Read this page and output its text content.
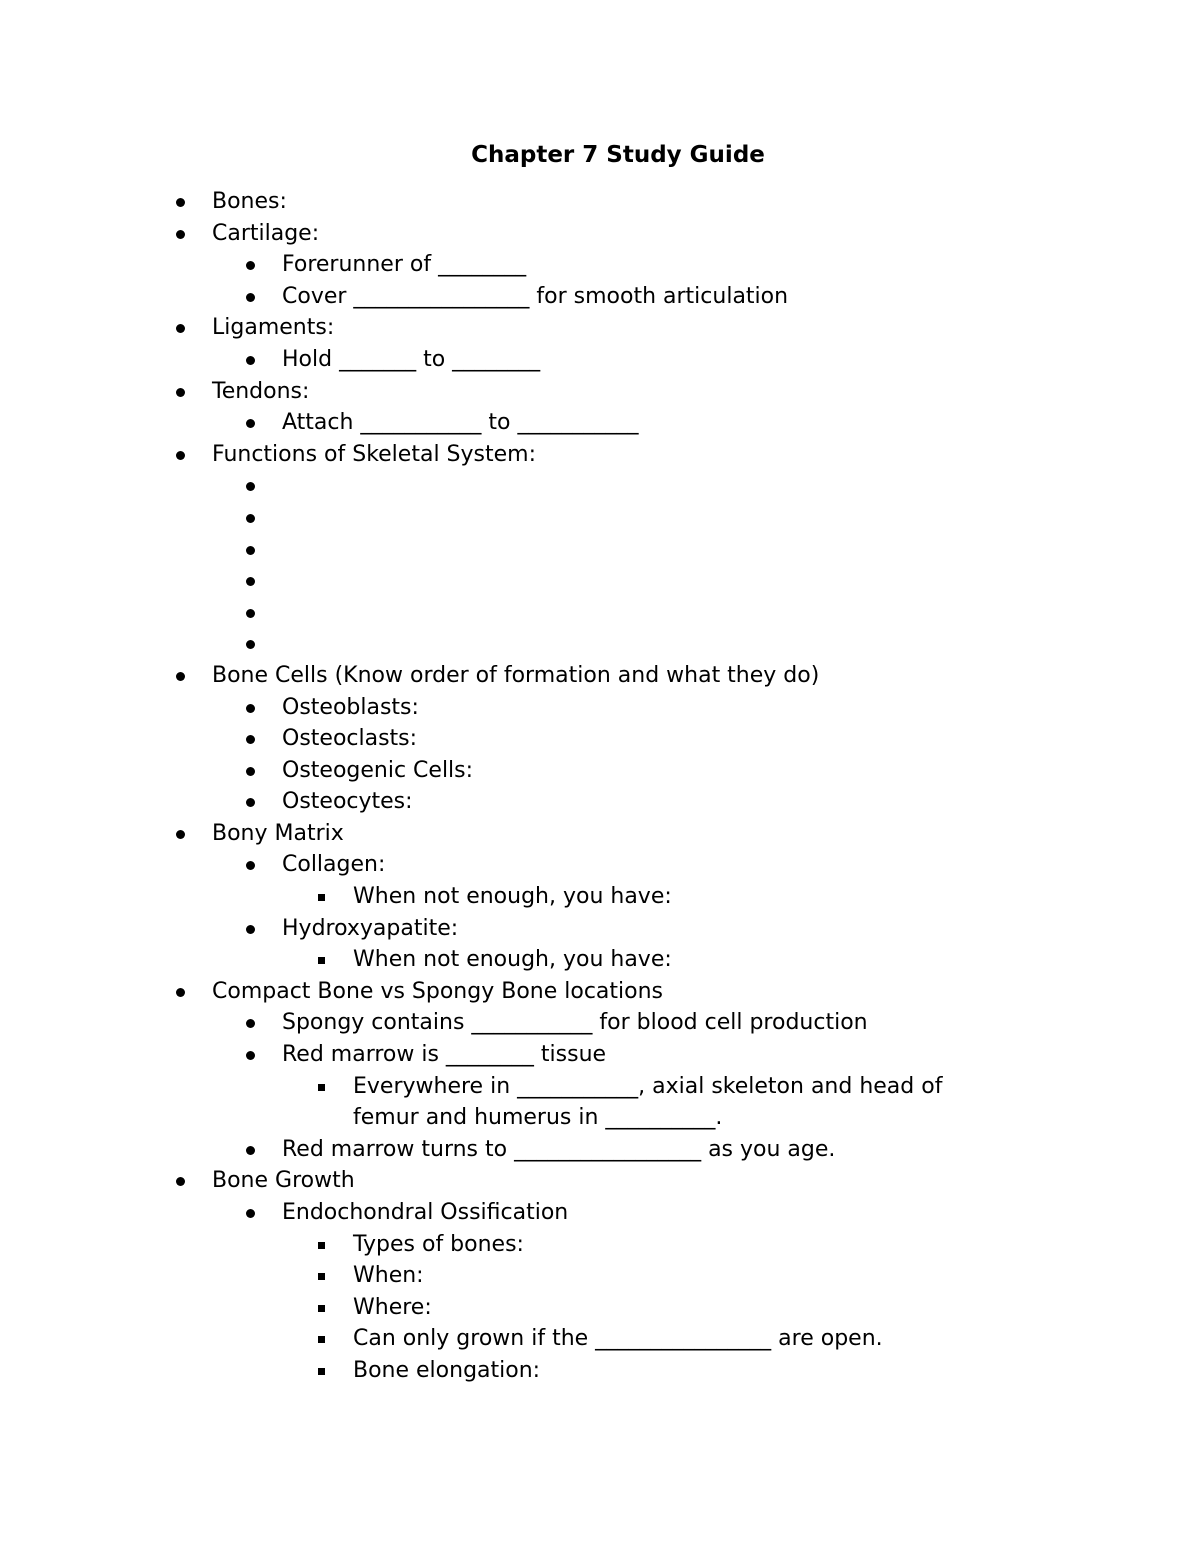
Chapter 7 Study Guide
Bones:
Cartilage:
Forerunner of ________
Cover ________________ for smooth articulation
Ligaments:
Hold _______ to ________
Tendons:
Attach ___________ to ___________
Functions of Skeletal System:
Bone Cells (Know order of formation and what they do)
Osteoblasts:
Osteoclasts:
Osteogenic Cells:
Osteocytes:
Bony Matrix
Collagen:
When not enough, you have:
Hydroxyapatite:
When not enough, you have:
Compact Bone vs Spongy Bone locations
Spongy contains ___________ for blood cell production
Red marrow is ________ tissue
Everywhere in ___________, axial skeleton and head of femur and humerus in __________.
Red marrow turns to _________________ as you age.
Bone Growth
Endochondral Ossification
Types of bones:
When:
Where:
Can only grown if the ________________ are open.
Bone elongation:
